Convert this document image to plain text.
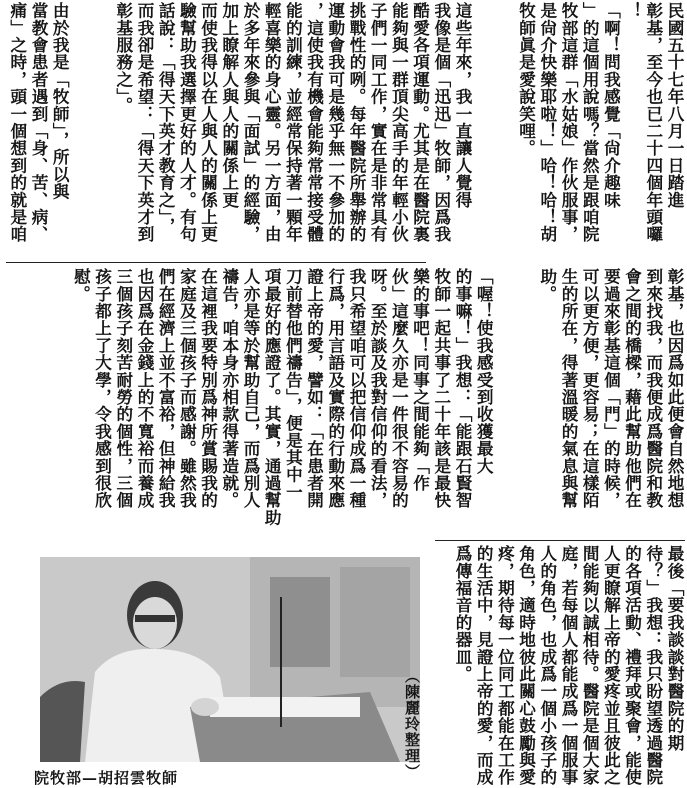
民國五十七年八月一日踏進
彰基，至今也已二十四個年頭囉
！
「啊！問我感覺「尙介趣味
」的這個用說嗎？當然是跟咱院
牧部這群「水姑娘」作伙服事，
是尙介快樂耶啦！」哈！哈！胡
牧師眞是愛說笑哩。
這些年來，我一直讓人覺得
我像是個「迅迅」牧師，因爲我
酷愛各項運動。尤其是在醫院裏
能夠與一群頂尖高手的年輕小伙
子們一同工作，實在是非常具有
挑戰性的咧。每年醫院所舉辦的
運動會我可是幾乎無一不參加的
，這使我有機會能夠常常接受體
能的訓練，並經常保持著一顆年
輕喜樂的身心靈。另一方面，由
於多年來參與「面試」的經驗，
加上瞭解人與人的關係上更
而使我得以在人與人的關係上更
驗幫助我選擇更好的人才。有句
話說：「得天下英才教育之」，
而我卻是希望：「得天下英才到
彰基服務之」。
由於我是「牧師」，所以與
當教會患者遇到「身、苦、病、
痛」之時，頭一個想到的就是咱
彰基，也因爲如此便會自然地想
到來找我，而我便成爲醫院和教
會之間的橋樑，藉此幫助他們在
要過來彰基這個「門」的時候，
可以更方便，更容易；在這樣陌
生的所在，得著溫暖的氣息與幫
助。
「喔！使我感受到收獲最大
的事嘛！」我想：「能跟石賢智
牧師一起共事了二十年該是最快
樂的事吧！同事之間能夠「作
伙」這麼久亦是一件很不容易的
呀。至於談及我對信仰的看法，
我只希望咱可以把信仰成爲一種
行爲，用言語及實際的行動來應
證上帝的愛，譬如：「在患者開
刀前替他們禱告」，便是其中一
項最好的應證了。其實，通過幫助
人亦是等於幫助自己，而爲別人
禱告，咱本身亦相款得著造就。
在這裡我要特別爲神所賞賜我的
家庭及三個孩子而感謝。雖然我
們在經濟上並不富裕，但神給我
也因爲在金錢上的不寬裕而養成
三個孩子刻苦耐勞的個性，三個
孩子都上了大學，令我感到很欣
慰。
最後「要我談談對醫院的期
待？」我想：我只盼望透過醫院
的各項活動、禮拜或聚會，能使
人更瞭解上帝的愛疼並且彼此之
間能夠以誠相待。醫院是個大家
庭，若每個人都能成爲一個服事
人的角色，也成爲一個小孩子的
角色，適時地彼此關心鼓勵與愛
疼，期待每一位同工都能在工作
的生活中，見證上帝的愛，而成
爲傳福音的器皿。
院牧部—胡招雲牧師	（陳麗玲整理）
